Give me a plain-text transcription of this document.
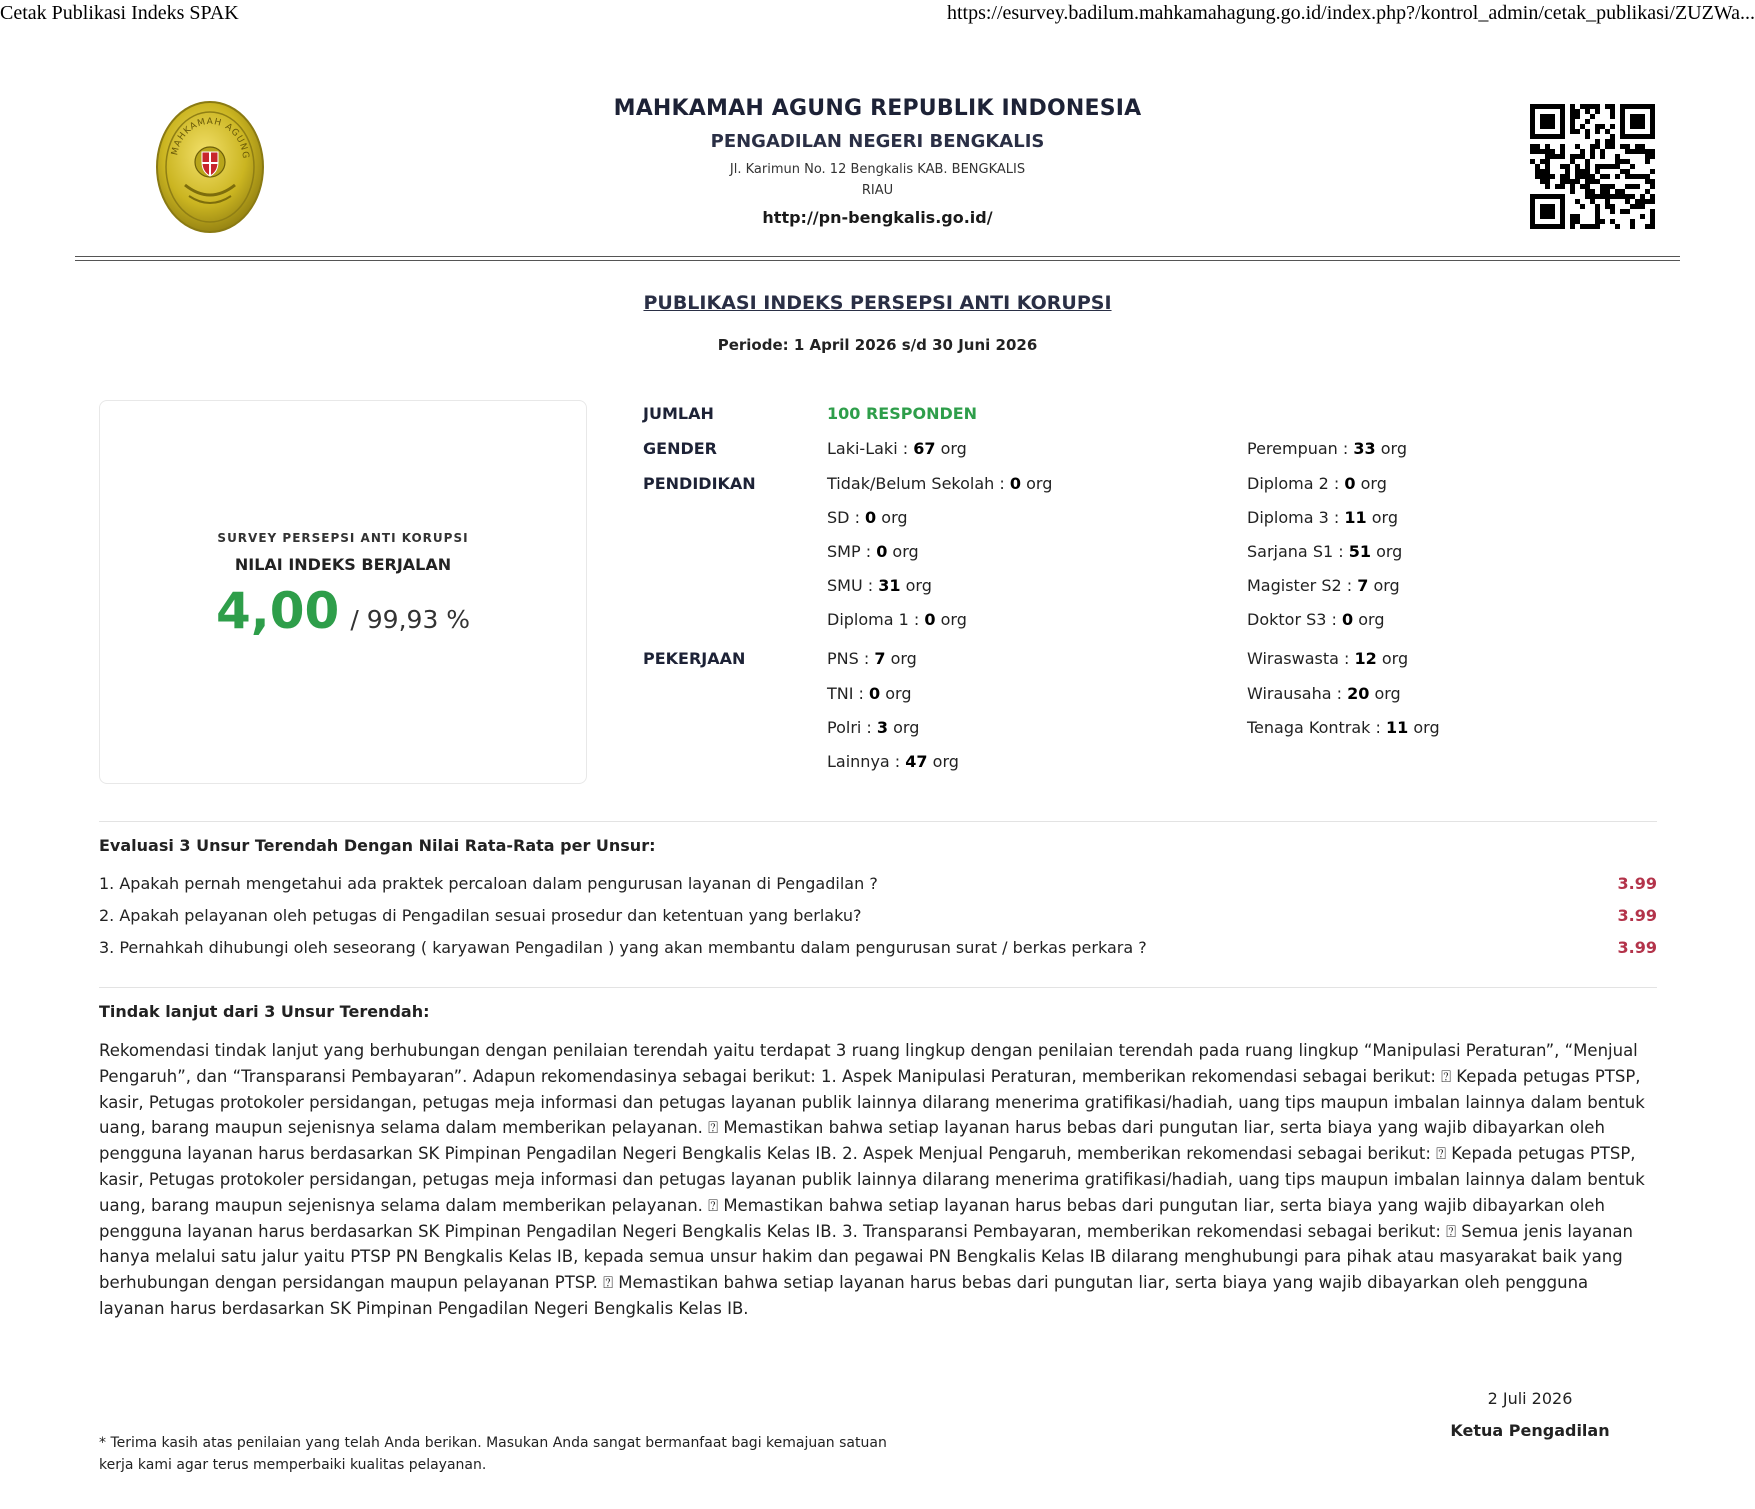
Cetak Publikasi Indeks SPAK	https://esurvey.badilum.mahkamahagung.go.id/index.php?/kontrol_admin/cetak_publikasi/ZUZWa...
MAHKAMAH AGUNG
MAHKAMAH AGUNG REPUBLIK INDONESIA
PENGADILAN NEGERI BENGKALIS
Jl. Karimun No. 12 Bengkalis KAB. BENGKALIS
RIAU
http://pn-bengkalis.go.id/
PUBLIKASI INDEKS PERSEPSI ANTI KORUPSI
Periode: 1 April 2026 s/d 30 Juni 2026
SURVEY PERSEPSI ANTI KORUPSI
NILAI INDEKS BERJALAN
4,00 / 99,93 %
JUMLAH	100 RESPONDEN
GENDER	Laki-Laki : 67 org	Perempuan : 33 org
PENDIDIKAN	Tidak/Belum Sekolah : 0 org	Diploma 2 : 0 org
SD : 0 org	Diploma 3 : 11 org
SMP : 0 org	Sarjana S1 : 51 org
SMU : 31 org	Magister S2 : 7 org
Diploma 1 : 0 org	Doktor S3 : 0 org
PEKERJAAN	PNS : 7 org	Wiraswasta : 12 org
TNI : 0 org	Wirausaha : 20 org
Polri : 3 org	Tenaga Kontrak : 11 org
Lainnya : 47 org
Evaluasi 3 Unsur Terendah Dengan Nilai Rata-Rata per Unsur:
1. Apakah pernah mengetahui ada praktek percaloan dalam pengurusan layanan di Pengadilan ?	3.99
2. Apakah pelayanan oleh petugas di Pengadilan sesuai prosedur dan ketentuan yang berlaku?	3.99
3. Pernahkah dihubungi oleh seseorang ( karyawan Pengadilan ) yang akan membantu dalam pengurusan surat / berkas perkara ?	3.99
Tindak lanjut dari 3 Unsur Terendah:
Rekomendasi tindak lanjut yang berhubungan dengan penilaian terendah yaitu terdapat 3 ruang lingkup dengan penilaian terendah pada ruang lingkup “Manipulasi Peraturan”, “Menjual Pengaruh”, dan “Transparansi Pembayaran”. Adapun rekomendasinya sebagai berikut: 1. Aspek Manipulasi Peraturan, memberikan rekomendasi sebagai berikut: ⍰ Kepada petugas PTSP, kasir, Petugas protokoler persidangan, petugas meja informasi dan petugas layanan publik lainnya dilarang menerima gratifikasi/hadiah, uang tips maupun imbalan lainnya dalam bentuk uang, barang maupun sejenisnya selama dalam memberikan pelayanan. ⍰ Memastikan bahwa setiap layanan harus bebas dari pungutan liar, serta biaya yang wajib dibayarkan oleh pengguna layanan harus berdasarkan SK Pimpinan Pengadilan Negeri Bengkalis Kelas IB. 2. Aspek Menjual Pengaruh, memberikan rekomendasi sebagai berikut: ⍰ Kepada petugas PTSP, kasir, Petugas protokoler persidangan, petugas meja informasi dan petugas layanan publik lainnya dilarang menerima gratifikasi/hadiah, uang tips maupun imbalan lainnya dalam bentuk uang, barang maupun sejenisnya selama dalam memberikan pelayanan. ⍰ Memastikan bahwa setiap layanan harus bebas dari pungutan liar, serta biaya yang wajib dibayarkan oleh pengguna layanan harus berdasarkan SK Pimpinan Pengadilan Negeri Bengkalis Kelas IB. 3. Transparansi Pembayaran, memberikan rekomendasi sebagai berikut: ⍰ Semua jenis layanan hanya melalui satu jalur yaitu PTSP PN Bengkalis Kelas IB, kepada semua unsur hakim dan pegawai PN Bengkalis Kelas IB dilarang menghubungi para pihak atau masyarakat baik yang berhubungan dengan persidangan maupun pelayanan PTSP. ⍰ Memastikan bahwa setiap layanan harus bebas dari pungutan liar, serta biaya yang wajib dibayarkan oleh pengguna layanan harus berdasarkan SK Pimpinan Pengadilan Negeri Bengkalis Kelas IB.
2 Juli 2026
Ketua Pengadilan
* Terima kasih atas penilaian yang telah Anda berikan. Masukan Anda sangat bermanfaat bagi kemajuan satuan kerja kami agar terus memperbaiki kualitas pelayanan.
